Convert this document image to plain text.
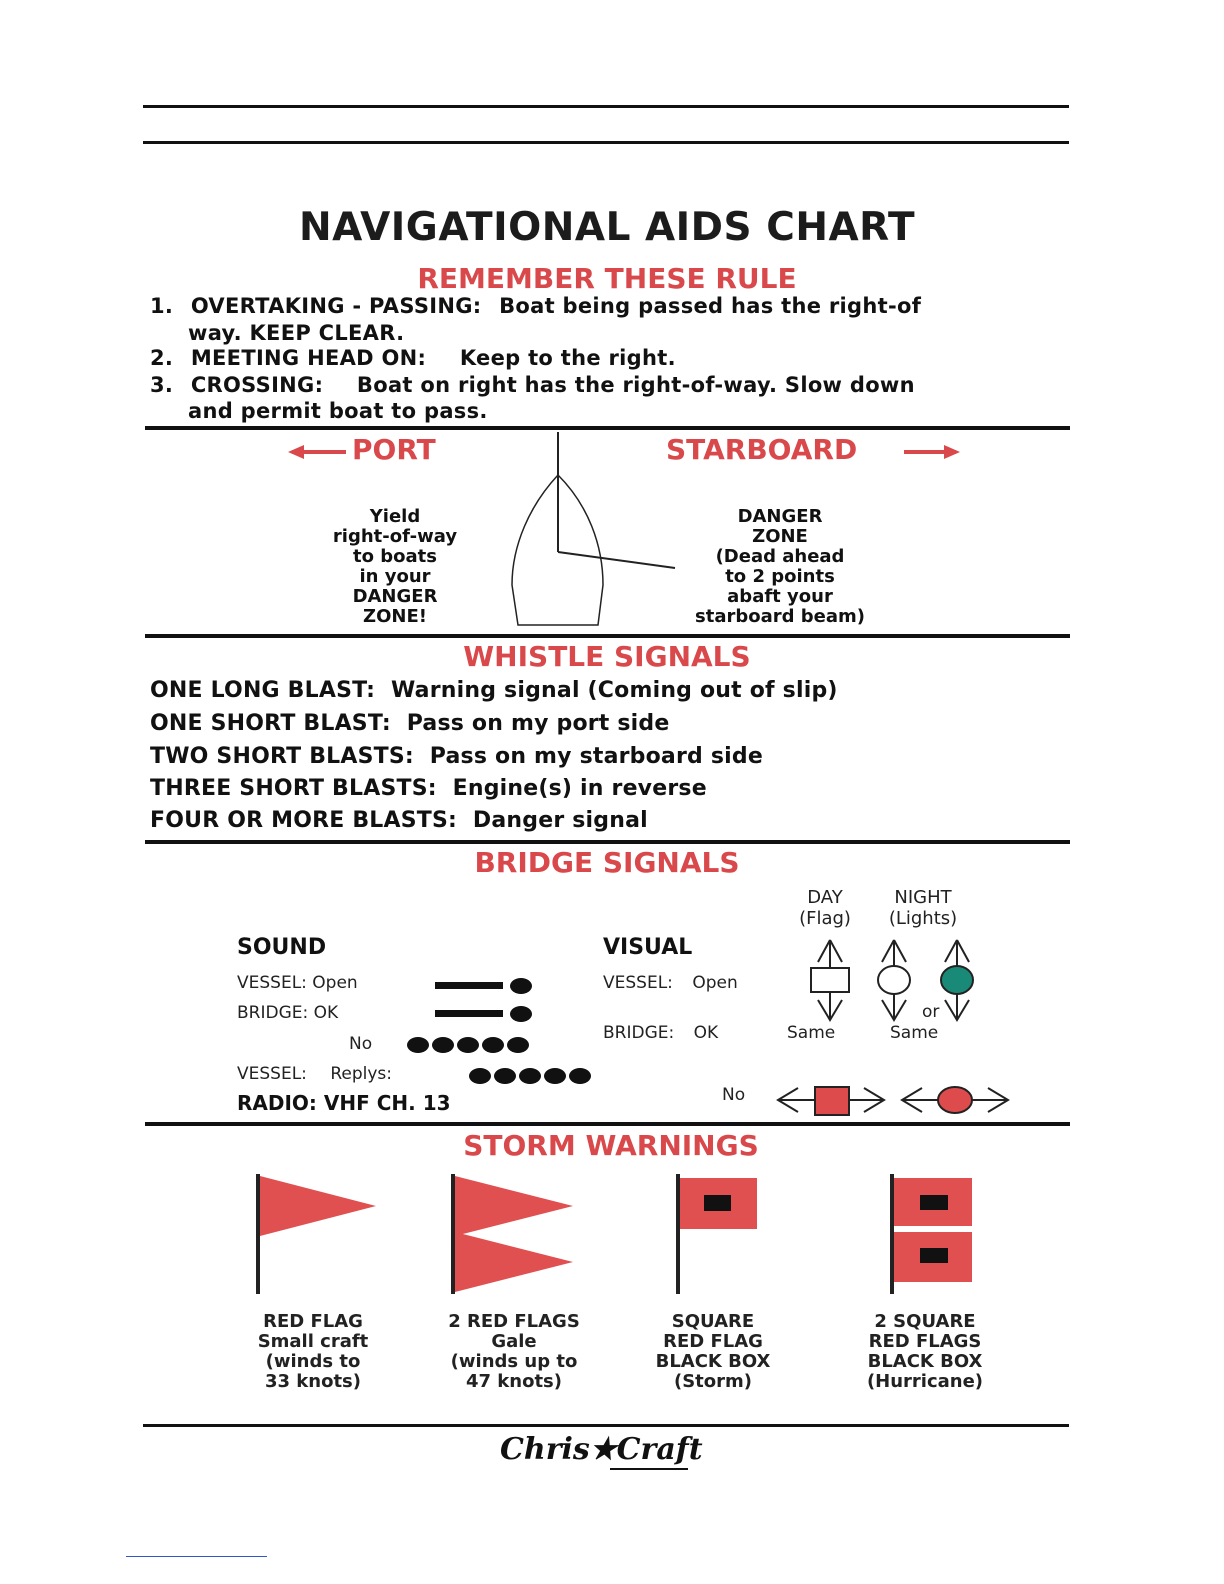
NAVIGATIONAL AIDS CHART
REMEMBER THESE RULE
1. OVERTAKING - PASSING: Boat being passed has the right-of
way. KEEP CLEAR.
2. MEETING HEAD ON: Keep to the right.
3. CROSSING: Boat on right has the right-of-way. Slow down
and permit boat to pass.
PORT	STARBOARD
Yield
right-of-way
to boats
in your
DANGER
ZONE!
DANGER
ZONE
(Dead ahead
to 2 points
abaft your
starboard beam)
WHISTLE SIGNALS
ONE LONG BLAST: Warning signal (Coming out of slip)
ONE SHORT BLAST: Pass on my port side
TWO SHORT BLASTS: Pass on my starboard side
THREE SHORT BLASTS: Engine(s) in reverse
FOUR OR MORE BLASTS: Danger signal
BRIDGE SIGNALS
DAY
(Flag)
NIGHT
(Lights)
SOUND	VISUAL
VESSEL: Open
BRIDGE: OK
No
VESSEL: Replys:
RADIO: VHF CH. 13
VESSEL: Open
BRIDGE: OK	Same	Same
or
No
STORM WARNINGS
RED FLAG
Small craft
(winds to
33 knots)
2 RED FLAGS
Gale
(winds up to
47 knots)
SQUARE
RED FLAG
BLACK BOX
(Storm)
2 SQUARE
RED FLAGS
BLACK BOX
(Hurricane)
Chris★Craft
